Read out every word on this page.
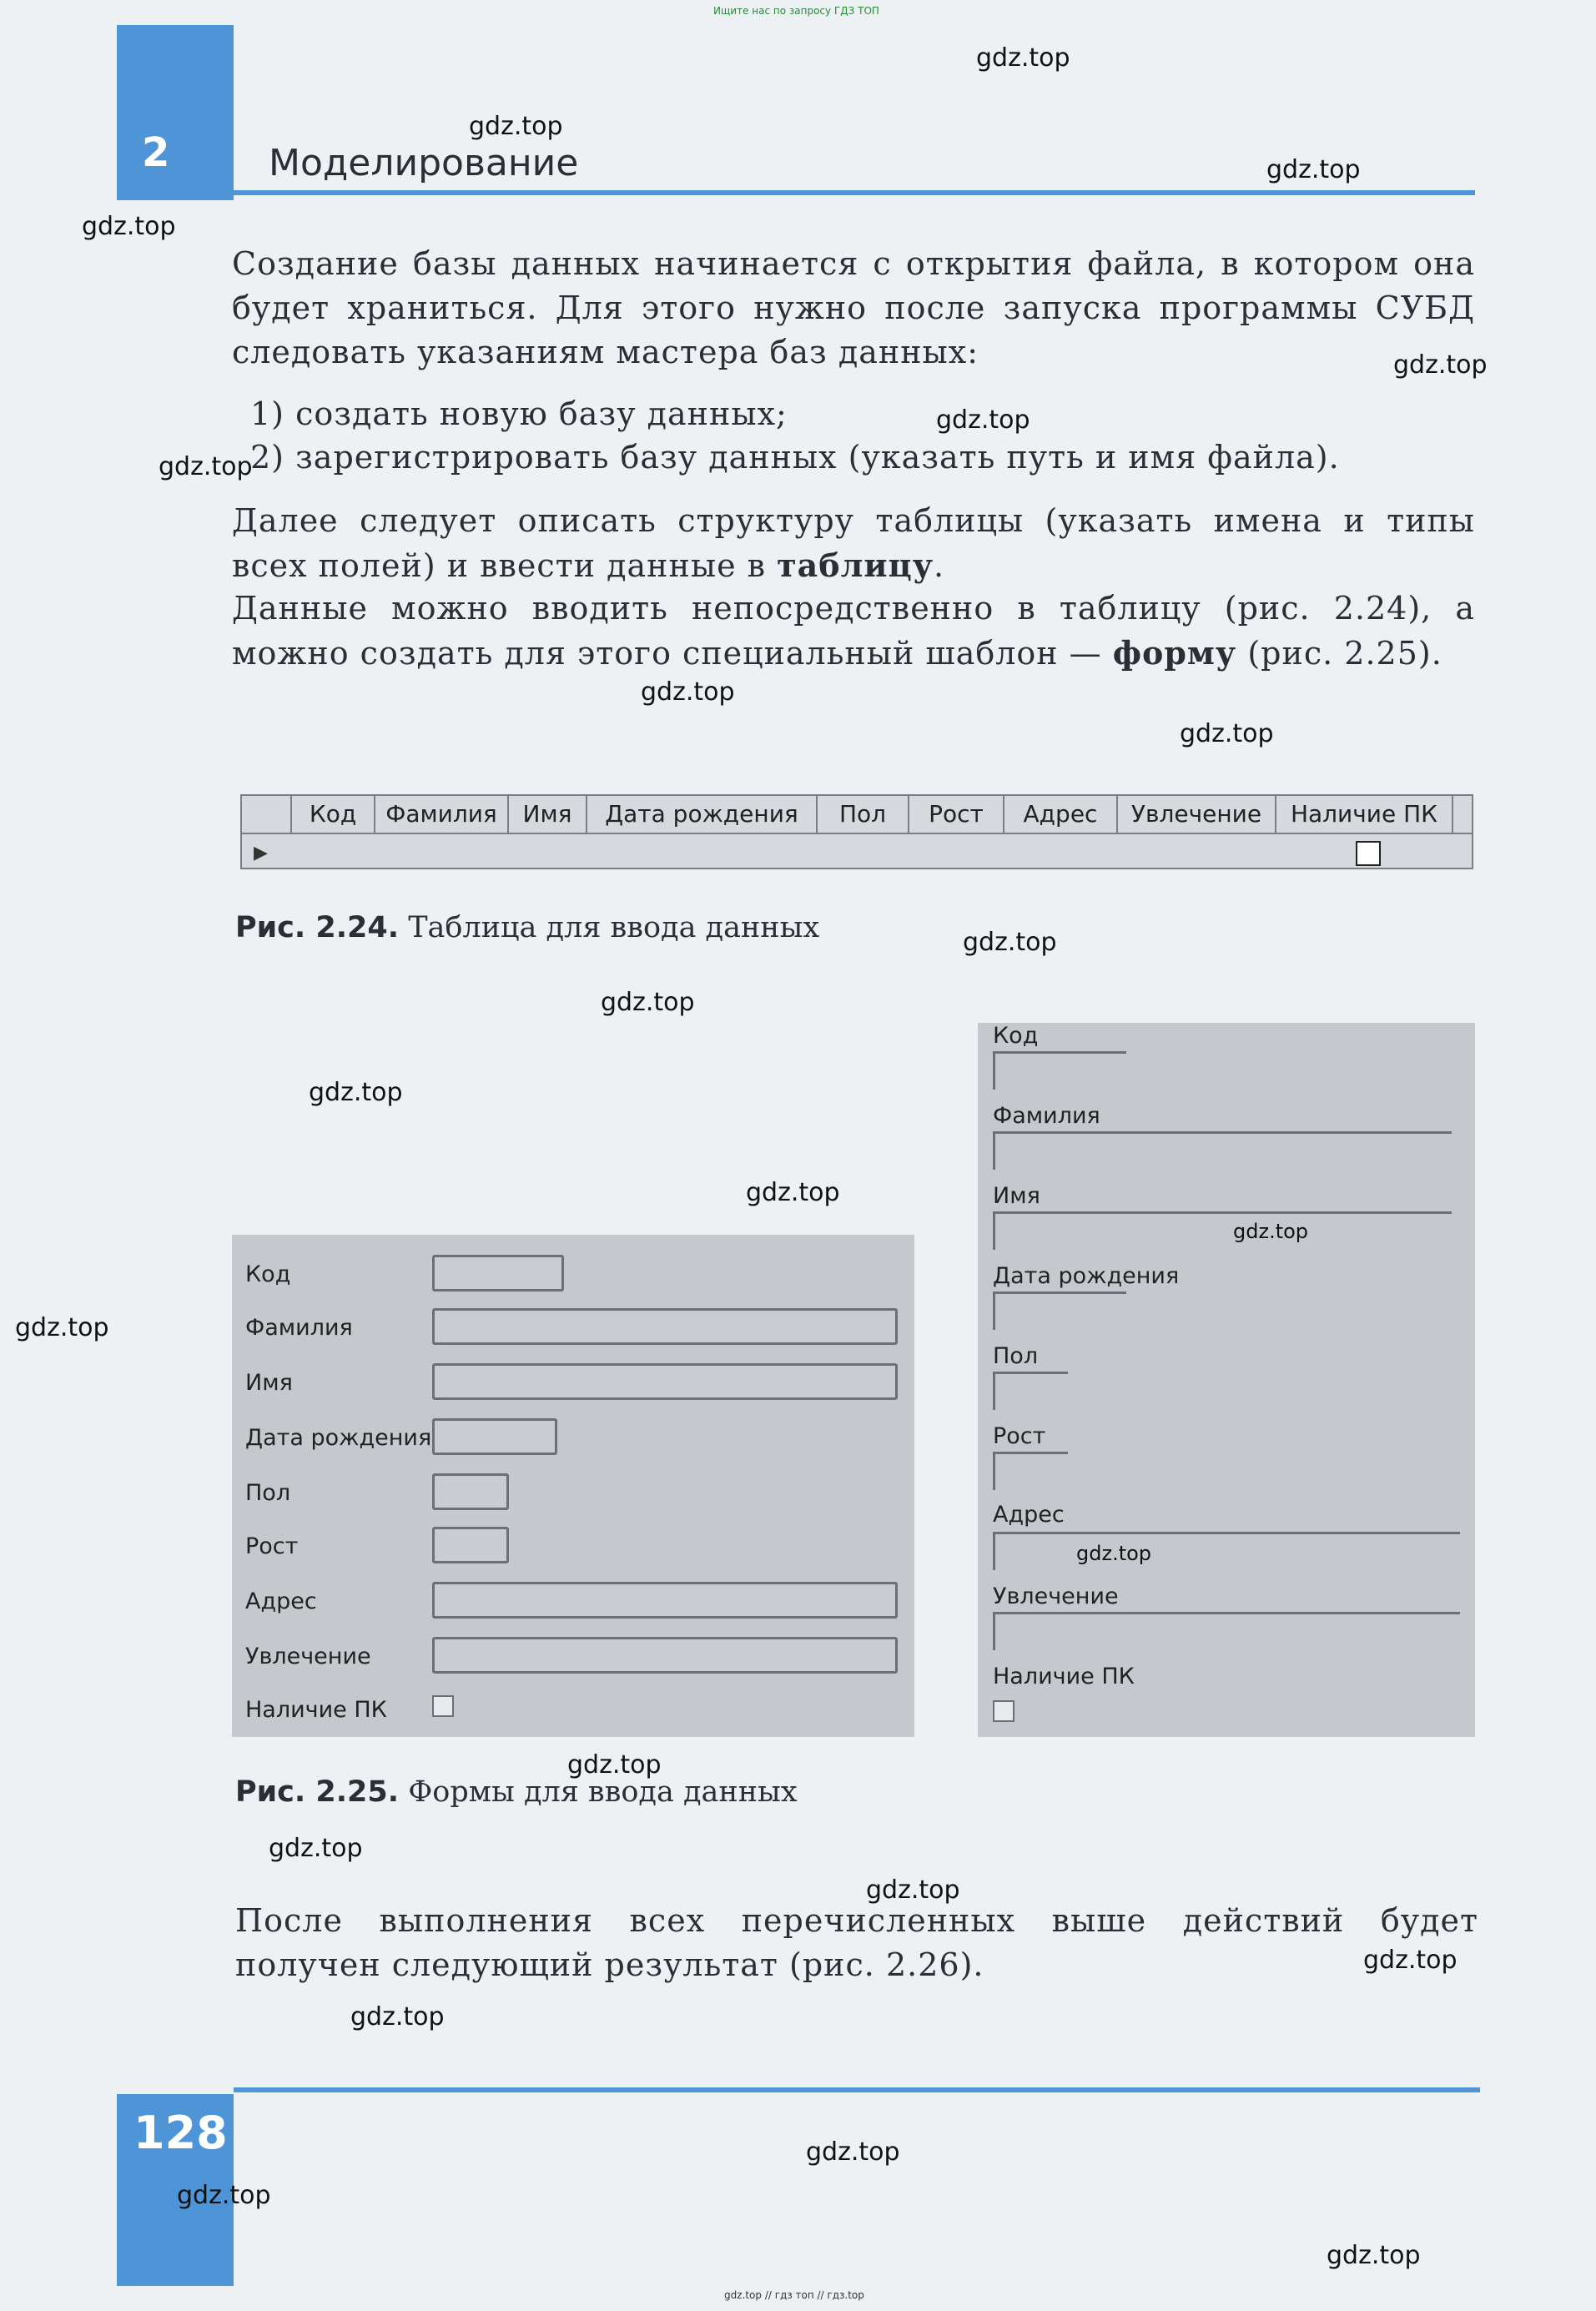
Ищите нас по запросу ГДЗ ТОП
2	Моделирование
Создание базы данных начинается с открытия файла, в котором она будет храниться. Для этого нужно после запуска программы СУБД следовать указаниям мастера баз данных:
1) создать новую базу данных;
2) зарегистрировать базу данных (указать путь и имя файла).
Далее следует описать структуру таблицы (указать имена и типы всех полей) и ввести данные в таблицу.
Данные можно вводить непосредственно в таблицу (рис. 2.24), а можно создать для этого специальный шаблон — форму (рис. 2.25).
Код	Фамилия	Имя	Дата рождения	Пол	Рост	Адрес	Увлечение	Наличие ПК
▶
Рис. 2.24. Таблица для ввода данных
Код
Фамилия
Имя
Дата рождения
Пол
Рост
Адрес
Увлечение
Наличие ПК
Код
Фамилия
Имя
Дата рождения
Пол
Рост
Адрес
Увлечение
Наличие ПК
Рис. 2.25. Формы для ввода данных
После выполнения всех перечисленных выше действий будет получен следующий результат (рис. 2.26).
128
gdz.top // гдз топ // гдз.top
gdz.top
gdz.top
gdz.top
gdz.top
gdz.top
gdz.top
gdz.top
gdz.top
gdz.top
gdz.top
gdz.top
gdz.top
gdz.top
gdz.top
gdz.top
gdz.top
gdz.top
gdz.top
gdz.top
gdz.top
gdz.top
gdz.top
gdz.top
gdz.top
